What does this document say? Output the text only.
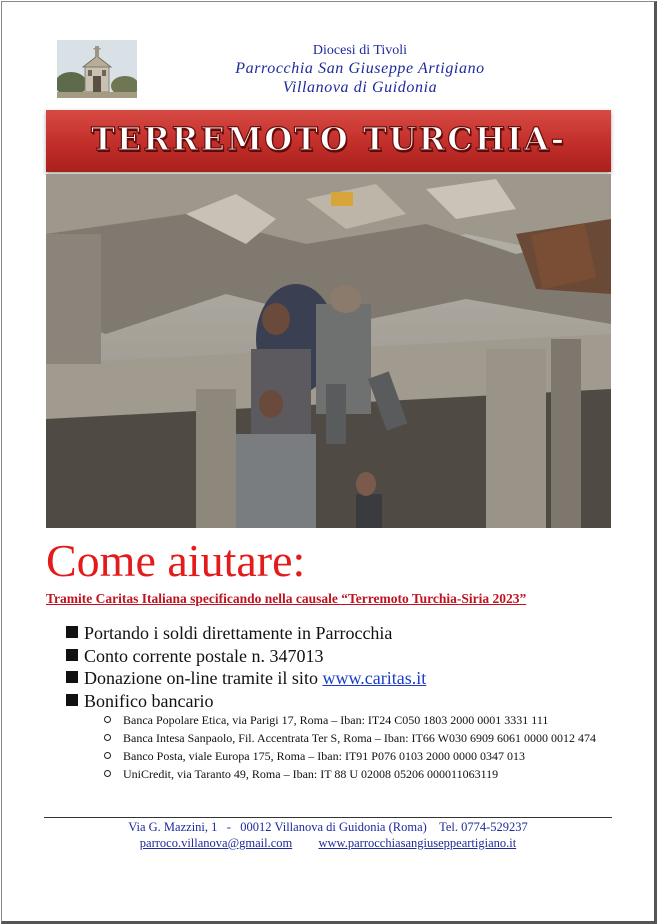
Diocesi di Tivoli
Parrocchia San Giuseppe Artigiano
Villanova di Guidonia
TERREMOTO TURCHIA-
Come aiutare:
Tramite Caritas Italiana specificando nella causale “Terremoto Turchia-Siria 2023”
Portando i soldi direttamente in Parrocchia
Conto corrente postale n. 347013
Donazione on-line tramite il sito www.caritas.it
Bonifico bancario
Banca Popolare Etica, via Parigi 17, Roma – Iban: IT24 C050 1803 2000 0001 3331 111
Banca Intesa Sanpaolo, Fil. Accentrata Ter S, Roma – Iban: IT66 W030 6909 6061 0000 0012 474
Banco Posta, viale Europa 175, Roma – Iban: IT91 P076 0103 2000 0000 0347 013
UniCredit, via Taranto 49, Roma – Iban: IT 88 U 02008 05206 000011063119
Via G. Mazzini, 1   -   00012 Villanova di Guidonia (Roma)    Tel. 0774-529237
parroco.villanova@gmail.com www.parrocchiasangiuseppeartigiano.it
